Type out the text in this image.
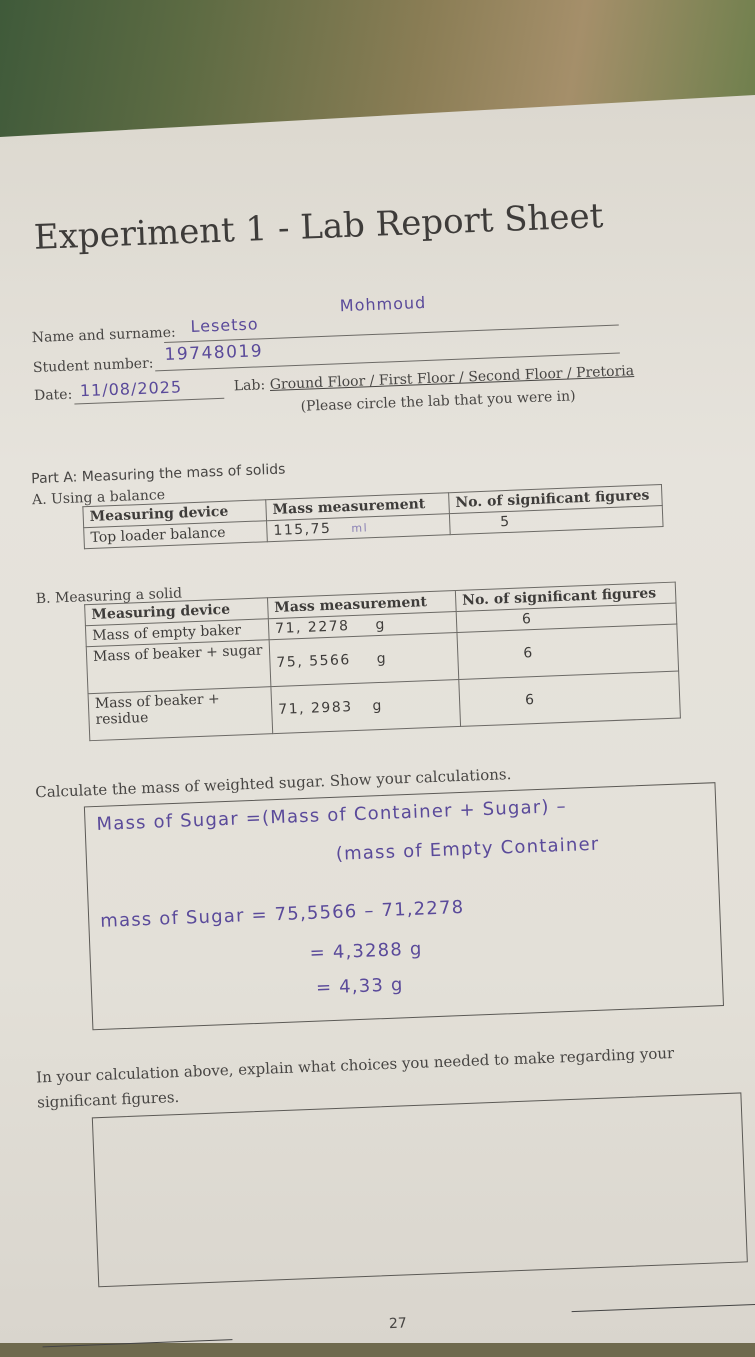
Experiment 1 - Lab Report Sheet
Name and surname: Lesetso
Mohmoud
Student number:
19748019
Date: 11/08/2025	Lab: Ground Floor / First Floor / Second Floor / Pretoria
(Please circle the lab that you were in)
Part A: Measuring the mass of solids
A. Using a balance
Measuring device	Mass measurement	No. of significant figures
Top loader balance	115,75 ml	5
B. Measuring a solid
Measuring device	Mass measurement	No. of significant figures
Mass of empty baker	71, 2278 g	6
Mass of beaker + sugar	75, 5566 g	6
Mass of beaker + residue	71, 2983 g	6
Calculate the mass of weighted sugar. Show your calculations.
Mass of Sugar =(Mass of Container + Sugar) –
(mass of Empty Container
mass of Sugar = 75,5566 – 71,2278
= 4,3288 g
= 4,33 g
In your calculation above, explain what choices you needed to make regarding your
significant figures.
27
